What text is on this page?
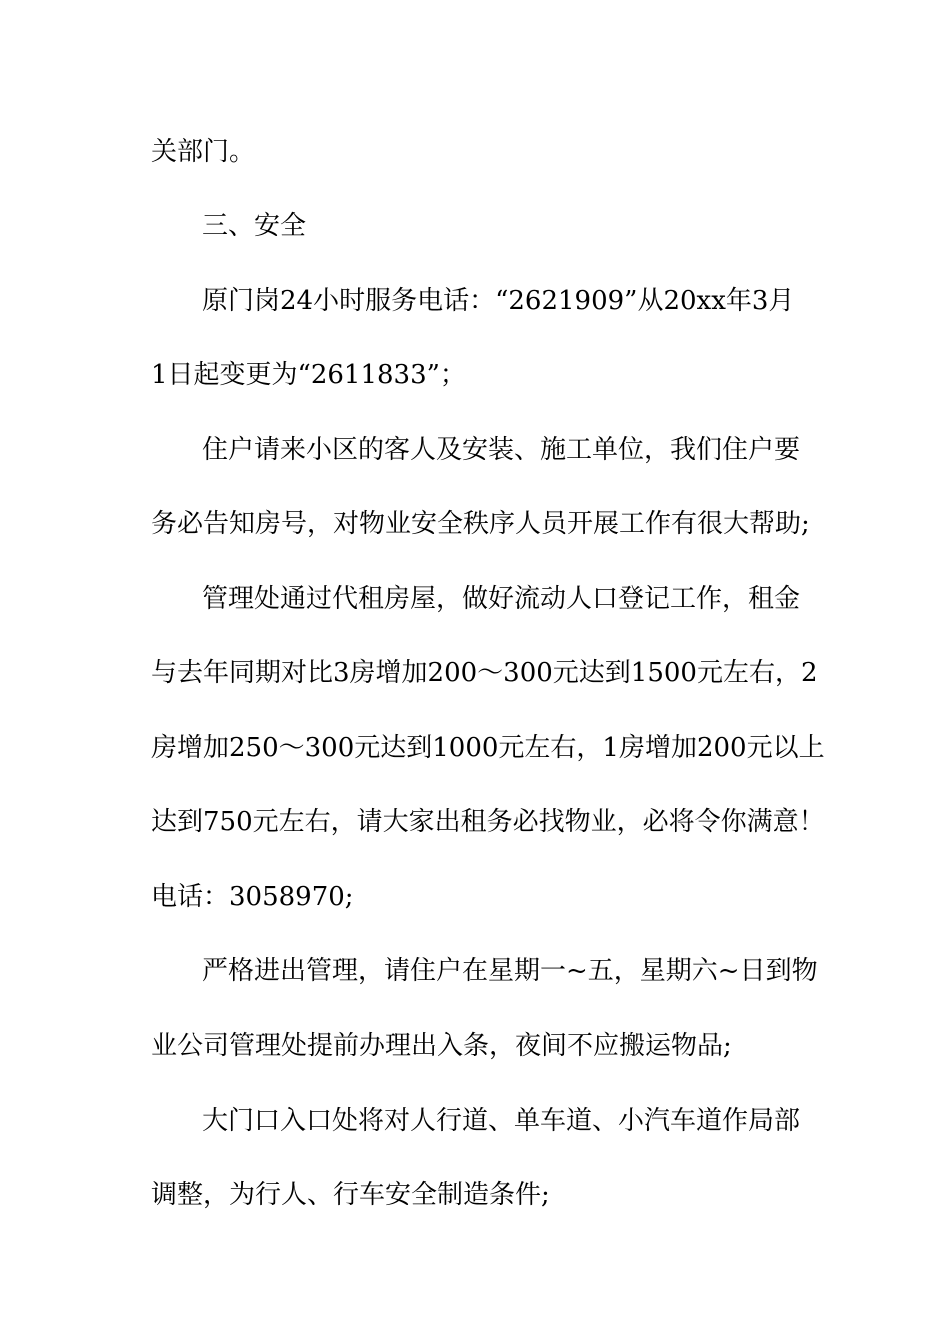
关部门。
三、安全
原门岗24小时服务电话：“2621909”从20xx年3月
1日起变更为“2611833”；
住户请来小区的客人及安装、施工单位，我们住户要
务必告知房号，对物业安全秩序人员开展工作有很大帮助;
管理处通过代租房屋，做好流动人口登记工作，租金
与去年同期对比3房增加200～300元达到1500元左右，2
房增加250～300元达到1000元左右，1房增加200元以上
达到750元左右，请大家出租务必找物业，必将令你满意！
电话：3058970;
严格进出管理，请住户在星期一~五，星期六~日到物
业公司管理处提前办理出入条，夜间不应搬运物品;
大门口入口处将对人行道、单车道、小汽车道作局部
调整，为行人、行车安全制造条件;
